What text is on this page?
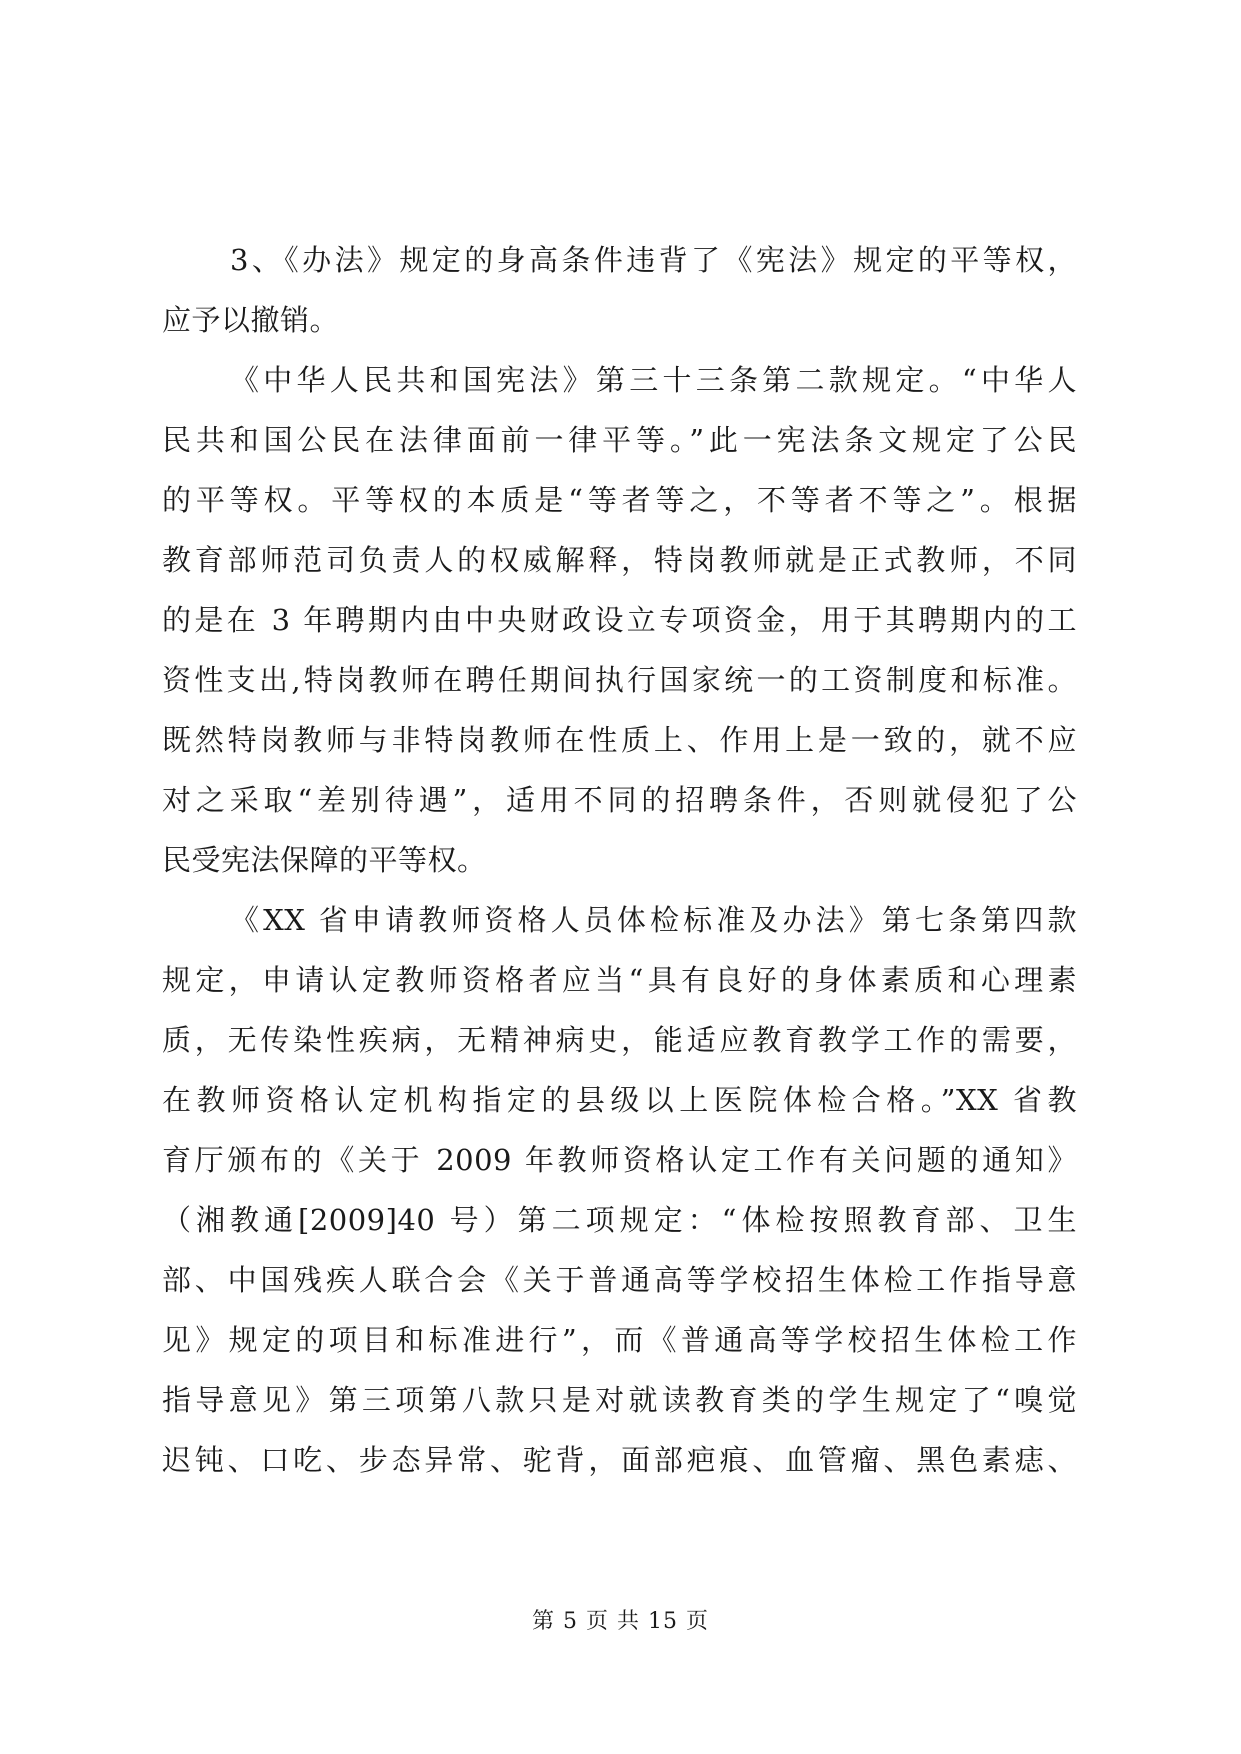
3、《办法》规定的身高条件违背了《宪法》规定的平等权，
应予以撤销。
《中华人民共和国宪法》第三十三条第二款规定。“中华人
民共和国公民在法律面前一律平等。”此一宪法条文规定了公民
的平等权。平等权的本质是“等者等之，不等者不等之”。根据
教育部师范司负责人的权威解释，特岗教师就是正式教师，不同
的是在 3 年聘期内由中央财政设立专项资金，用于其聘期内的工
资性支出,特岗教师在聘任期间执行国家统一的工资制度和标准。
既然特岗教师与非特岗教师在性质上、作用上是一致的，就不应
对之采取“差别待遇”，适用不同的招聘条件，否则就侵犯了公
民受宪法保障的平等权。
《XX 省申请教师资格人员体检标准及办法》第七条第四款
规定，申请认定教师资格者应当“具有良好的身体素质和心理素
质，无传染性疾病，无精神病史，能适应教育教学工作的需要，
在教师资格认定机构指定的县级以上医院体检合格。”XX 省教
育厅颁布的《关于 2009 年教师资格认定工作有关问题的通知》
（湘教通[2009]40 号）第二项规定：“体检按照教育部、卫生
部、中国残疾人联合会《关于普通高等学校招生体检工作指导意
见》规定的项目和标准进行”，而《普通高等学校招生体检工作
指导意见》第三项第八款只是对就读教育类的学生规定了“嗅觉
迟钝、口吃、步态异常、驼背，面部疤痕、血管瘤、黑色素痣、
第 5 页 共 15 页
